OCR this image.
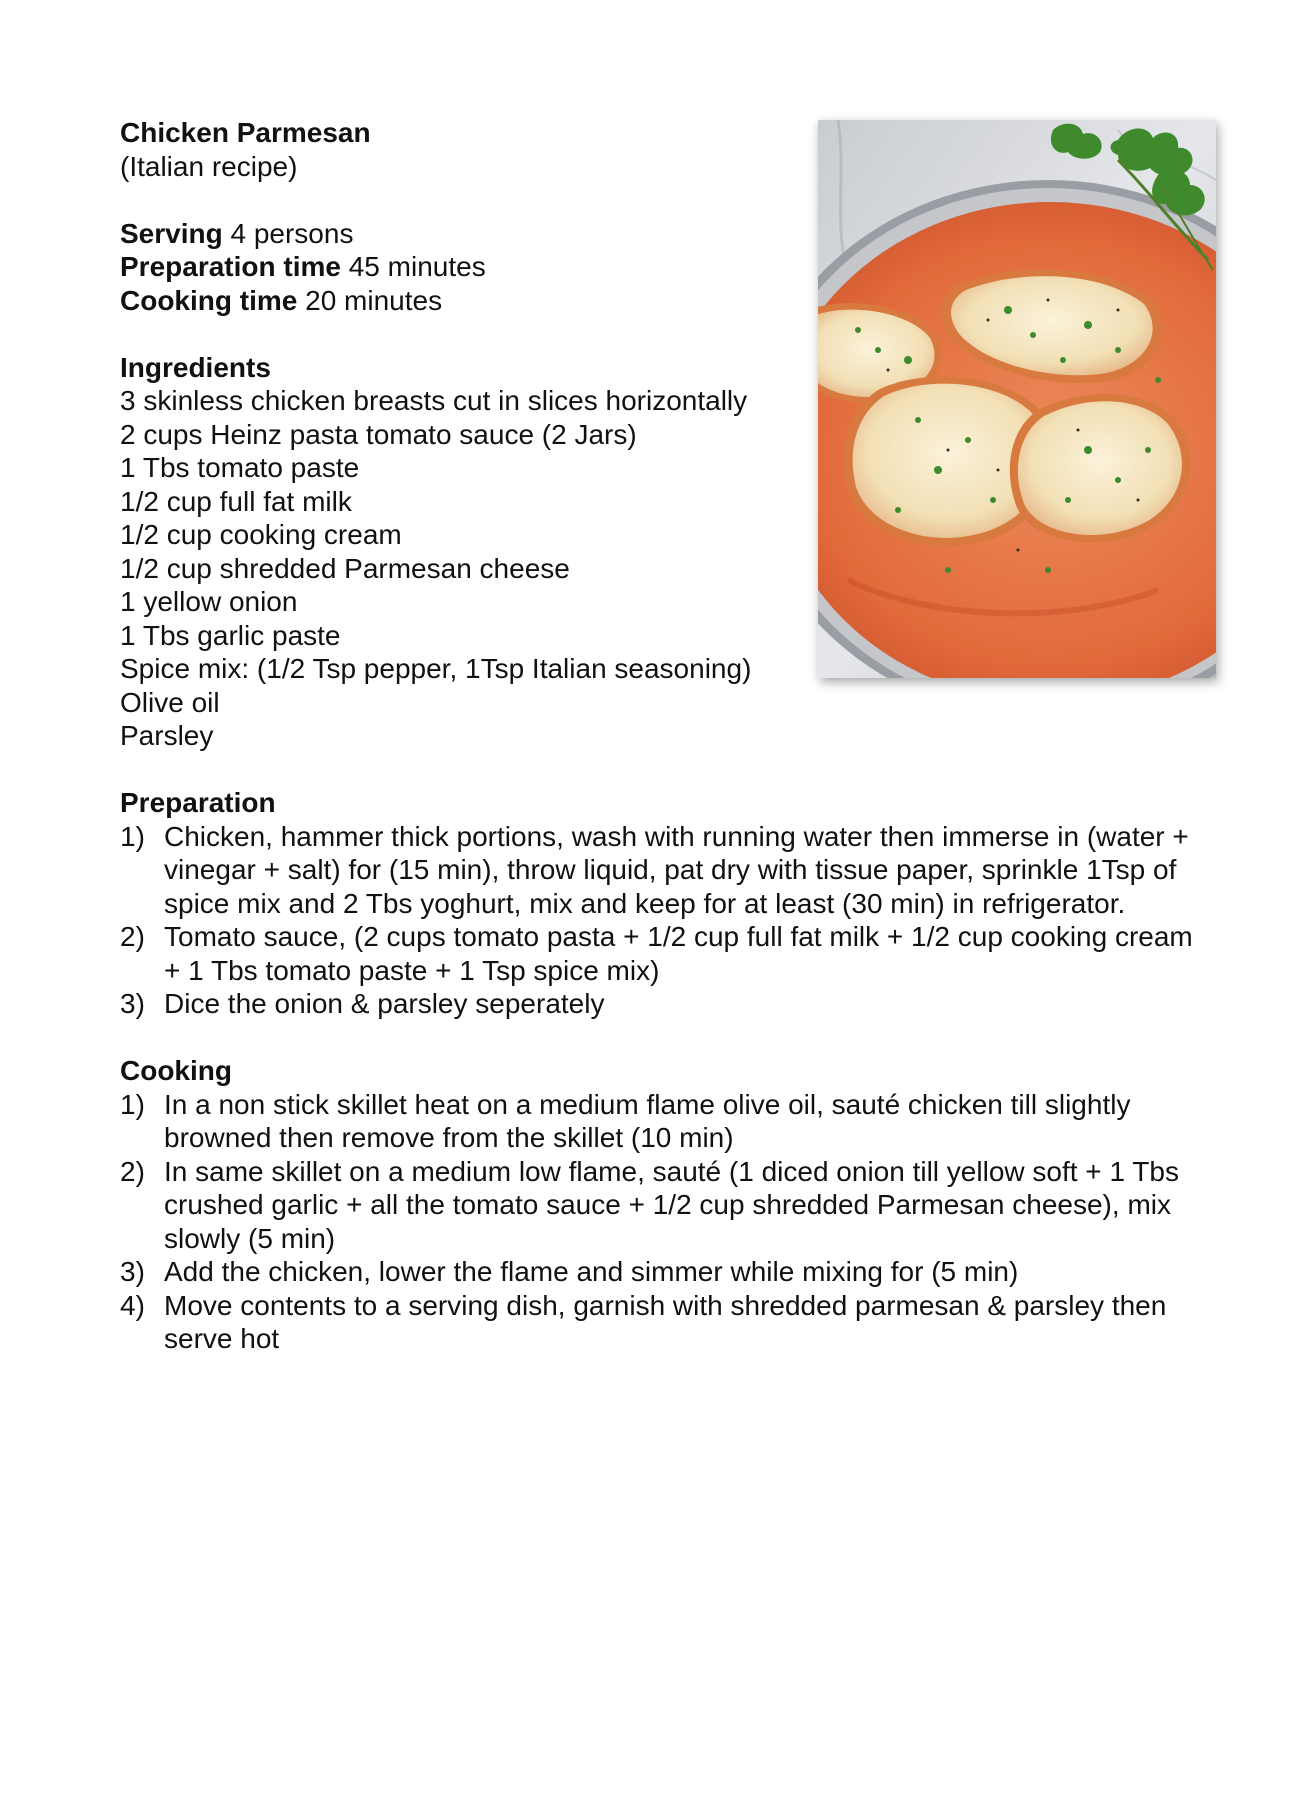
Chicken Parmesan
(Italian recipe)
Serving 4 persons
Preparation time 45 minutes
Cooking time 20 minutes
Ingredients
3 skinless chicken breasts cut in slices horizontally
2 cups Heinz pasta tomato sauce (2 Jars)
1 Tbs tomato paste
1/2 cup full fat milk
1/2 cup cooking cream
1/2 cup shredded Parmesan cheese
1 yellow onion
1 Tbs garlic paste
Spice mix: (1/2 Tsp pepper, 1Tsp Italian seasoning)
Olive oil
Parsley
Preparation
1) Chicken, hammer thick portions, wash with running water then immerse in (water + vinegar + salt) for (15 min), throw liquid, pat dry with tissue paper, sprinkle 1Tsp of spice mix and 2 Tbs yoghurt, mix and keep for at least (30 min) in refrigerator.
2) Tomato sauce, (2 cups tomato pasta + 1/2 cup full fat milk + 1/2 cup cooking cream + 1 Tbs tomato paste + 1 Tsp spice mix)
3) Dice the onion & parsley seperately
Cooking
1) In a non stick skillet heat on a medium flame olive oil, sauté chicken till slightly browned then remove from the skillet (10 min)
2) In same skillet on a medium low flame, sauté (1 diced onion till yellow soft + 1 Tbs crushed garlic + all the tomato sauce + 1/2 cup shredded Parmesan cheese), mix slowly (5 min)
3) Add the chicken, lower the flame and simmer while mixing for (5 min)
4) Move contents to a serving dish, garnish with shredded parmesan & parsley then serve hot
